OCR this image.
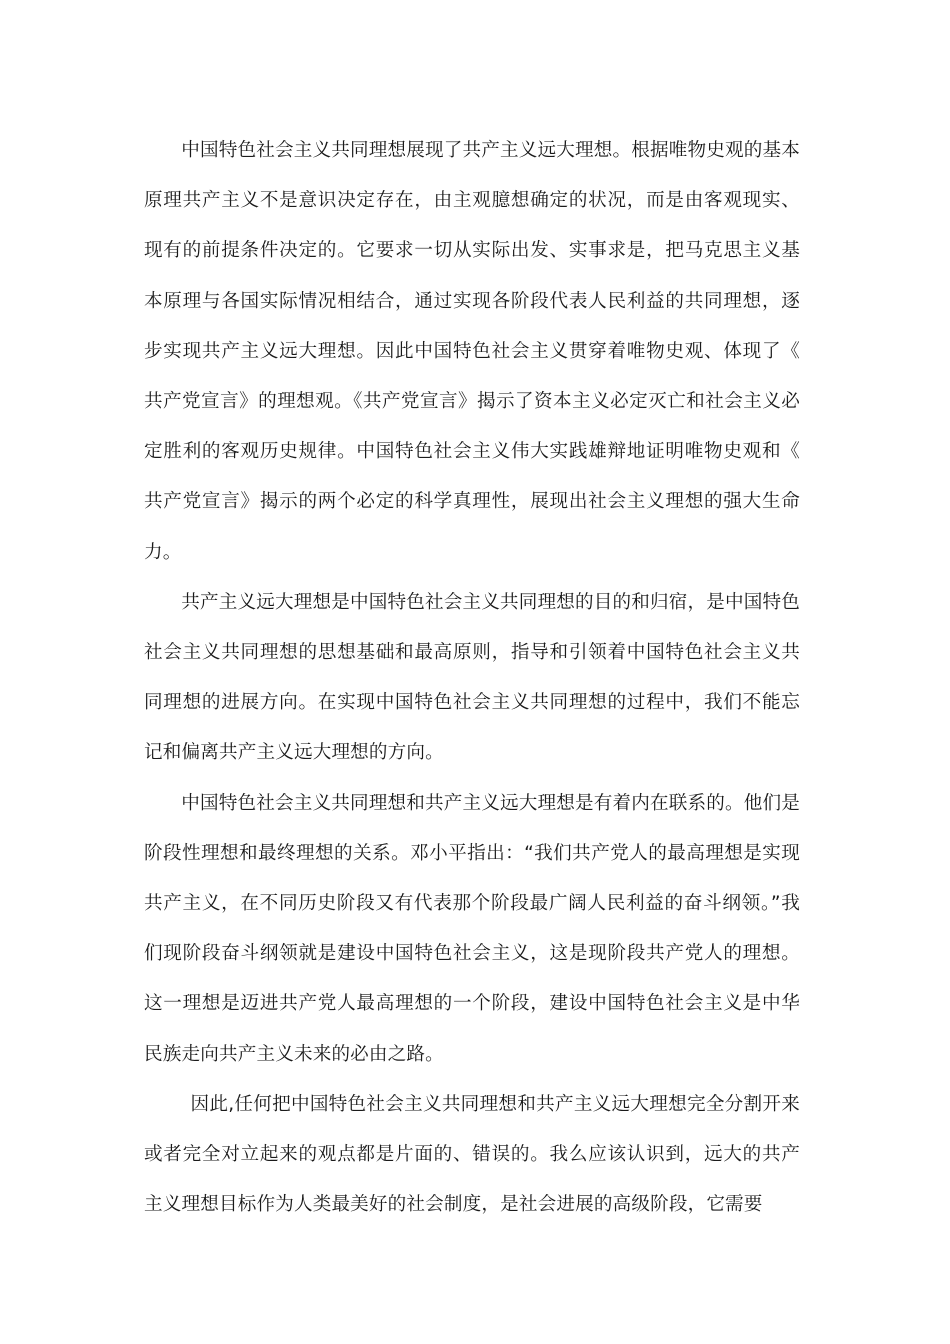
中国特色社会主义共同理想展现了共产主义远大理想。根据唯物史观的基本原理共产主义不是意识决定存在，由主观臆想确定的状况，而是由客观现实、现有的前提条件决定的。它要求一切从实际出发、实事求是，把马克思主义基本原理与各国实际情况相结合，通过实现各阶段代表人民利益的共同理想，逐步实现共产主义远大理想。因此中国特色社会主义贯穿着唯物史观、体现了《共产党宣言》的理想观。《共产党宣言》揭示了资本主义必定灭亡和社会主义必定胜利的客观历史规律。中国特色社会主义伟大实践雄辩地证明唯物史观和《共产党宣言》揭示的两个必定的科学真理性，展现出社会主义理想的强大生命力。

共产主义远大理想是中国特色社会主义共同理想的目的和归宿，是中国特色社会主义共同理想的思想基础和最高原则，指导和引领着中国特色社会主义共同理想的进展方向。在实现中国特色社会主义共同理想的过程中，我们不能忘记和偏离共产主义远大理想的方向。

中国特色社会主义共同理想和共产主义远大理想是有着内在联系的。他们是阶段性理想和最终理想的关系。邓小平指出：“我们共产党人的最高理想是实现共产主义，在不同历史阶段又有代表那个阶段最广阔人民利益的奋斗纲领。”我们现阶段奋斗纲领就是建设中国特色社会主义，这是现阶段共产党人的理想。这一理想是迈进共产党人最高理想的一个阶段，建设中国特色社会主义是中华民族走向共产主义未来的必由之路。

因此,任何把中国特色社会主义共同理想和共产主义远大理想完全分割开来或者完全对立起来的观点都是片面的、错误的。我么应该认识到，远大的共产主义理想目标作为人类最美好的社会制度，是社会进展的高级阶段，它需要
